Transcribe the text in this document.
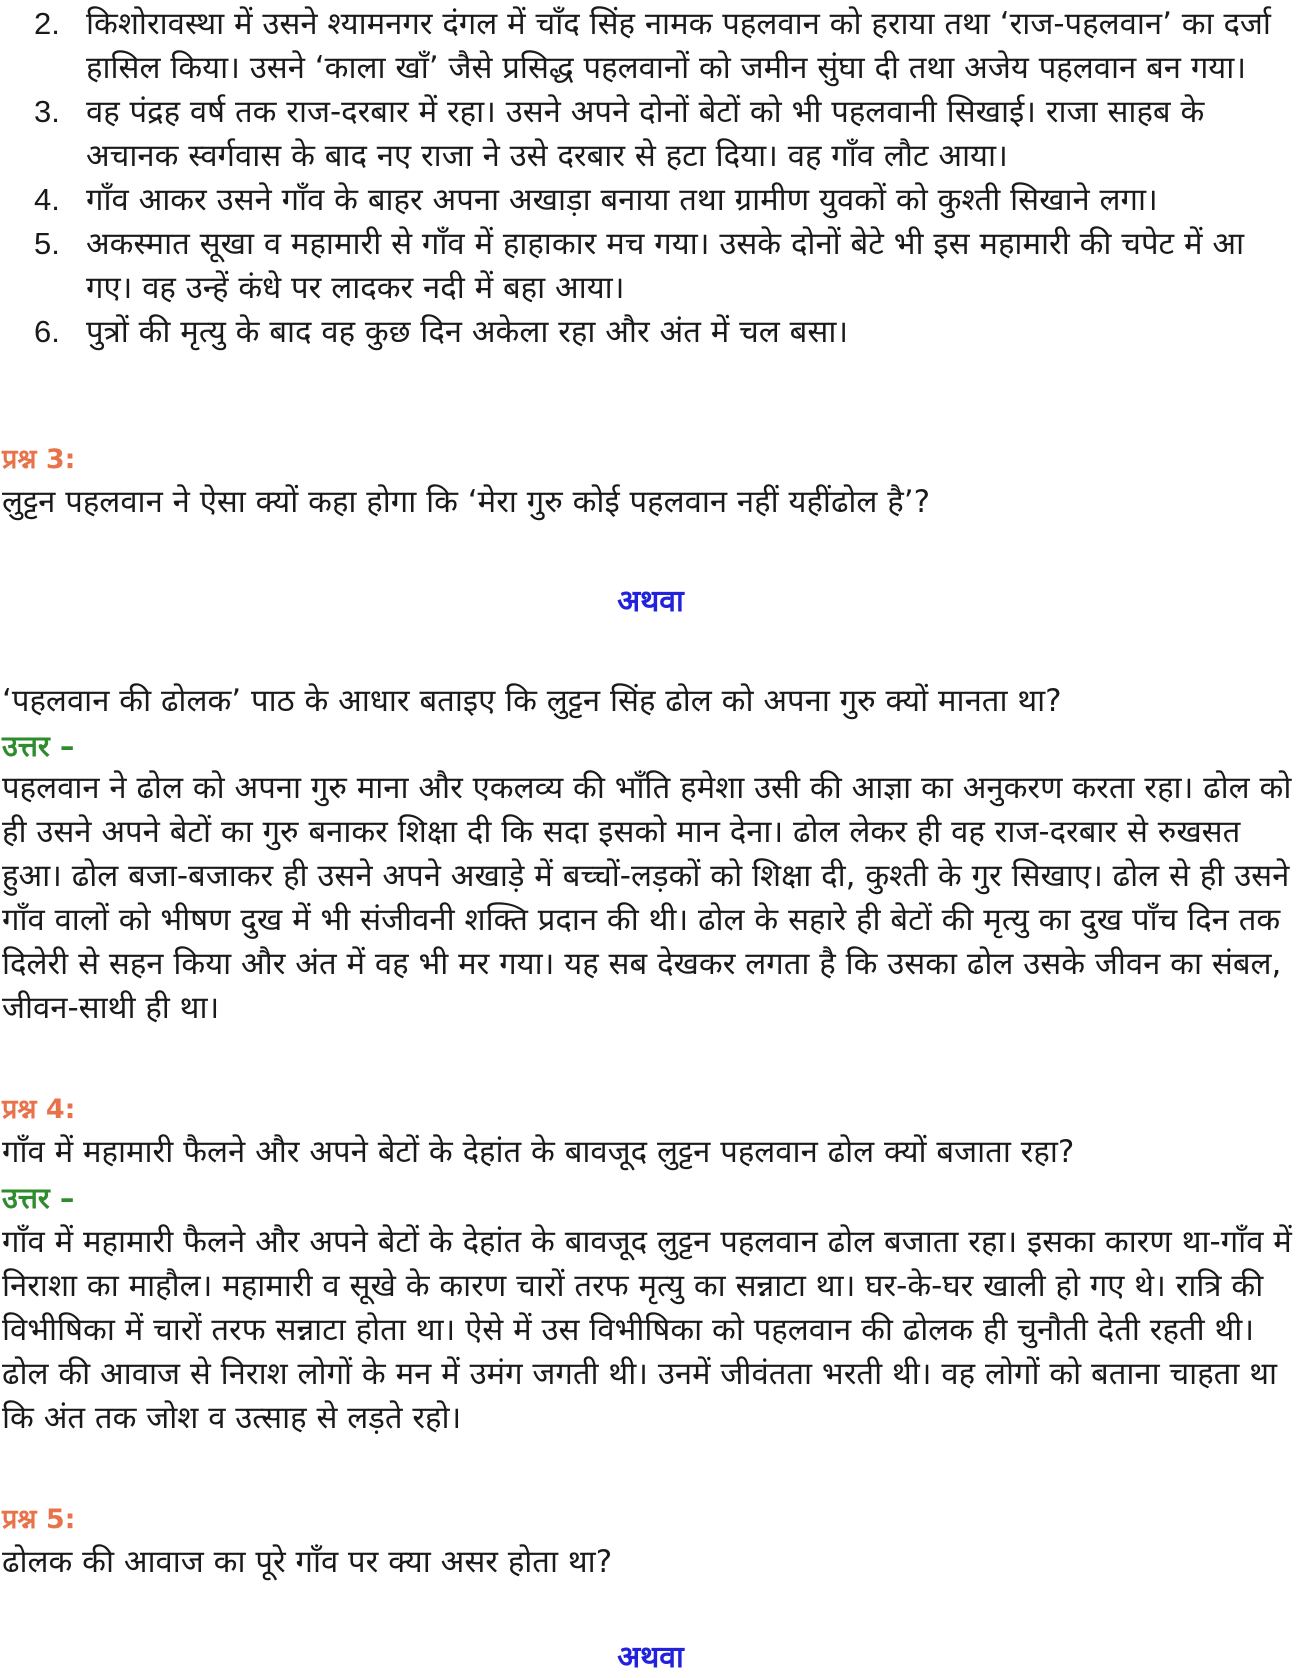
2. किशोरावस्था में उसने श्यामनगर दंगल में चाँद सिंह नामक पहलवान को हराया तथा ‘राज-पहलवान’ का दर्जा हासिल किया। उसने ‘काला खाँ’ जैसे प्रसिद्ध पहलवानों को जमीन सुंघा दी तथा अजेय पहलवान बन गया।
3. वह पंद्रह वर्ष तक राज-दरबार में रहा। उसने अपने दोनों बेटों को भी पहलवानी सिखाई। राजा साहब के अचानक स्वर्गवास के बाद नए राजा ने उसे दरबार से हटा दिया। वह गाँव लौट आया।
4. गाँव आकर उसने गाँव के बाहर अपना अखाड़ा बनाया तथा ग्रामीण युवकों को कुश्ती सिखाने लगा।
5. अकस्मात सूखा व महामारी से गाँव में हाहाकार मच गया। उसके दोनों बेटे भी इस महामारी की चपेट में आ गए। वह उन्हें कंधे पर लादकर नदी में बहा आया।
6. पुत्रों की मृत्यु के बाद वह कुछ दिन अकेला रहा और अंत में चल बसा।
प्रश्न 3:
लुट्टन पहलवान ने ऐसा क्यों कहा होगा कि ‘मेरा गुरु कोई पहलवान नहीं यहींढोल है’?
अथवा
‘पहलवान की ढोलक’ पाठ के आधार बताइए कि लुट्टन सिंह ढोल को अपना गुरु क्यों मानता था?
उत्तर –
पहलवान ने ढोल को अपना गुरु माना और एकलव्य की भाँति हमेशा उसी की आज्ञा का अनुकरण करता रहा। ढोल को ही उसने अपने बेटों का गुरु बनाकर शिक्षा दी कि सदा इसको मान देना। ढोल लेकर ही वह राज-दरबार से रुखसत हुआ। ढोल बजा-बजाकर ही उसने अपने अखाड़े में बच्चों-लड़कों को शिक्षा दी, कुश्ती के गुर सिखाए। ढोल से ही उसने गाँव वालों को भीषण दुख में भी संजीवनी शक्ति प्रदान की थी। ढोल के सहारे ही बेटों की मृत्यु का दुख पाँच दिन तक दिलेरी से सहन किया और अंत में वह भी मर गया। यह सब देखकर लगता है कि उसका ढोल उसके जीवन का संबल, जीवन-साथी ही था।
प्रश्न 4:
गाँव में महामारी फैलने और अपने बेटों के देहांत के बावजूद लुट्टन पहलवान ढोल क्यों बजाता रहा?
उत्तर –
गाँव में महामारी फैलने और अपने बेटों के देहांत के बावजूद लुट्टन पहलवान ढोल बजाता रहा। इसका कारण था-गाँव में निराशा का माहौल। महामारी व सूखे के कारण चारों तरफ मृत्यु का सन्नाटा था। घर-के-घर खाली हो गए थे। रात्रि की विभीषिका में चारों तरफ सन्नाटा होता था। ऐसे में उस विभीषिका को पहलवान की ढोलक ही चुनौती देती रहती थी। ढोल की आवाज से निराश लोगों के मन में उमंग जगती थी। उनमें जीवंतता भरती थी। वह लोगों को बताना चाहता था कि अंत तक जोश व उत्साह से लड़ते रहो।
प्रश्न 5:
ढोलक की आवाज का पूरे गाँव पर क्या असर होता था?
अथवा
